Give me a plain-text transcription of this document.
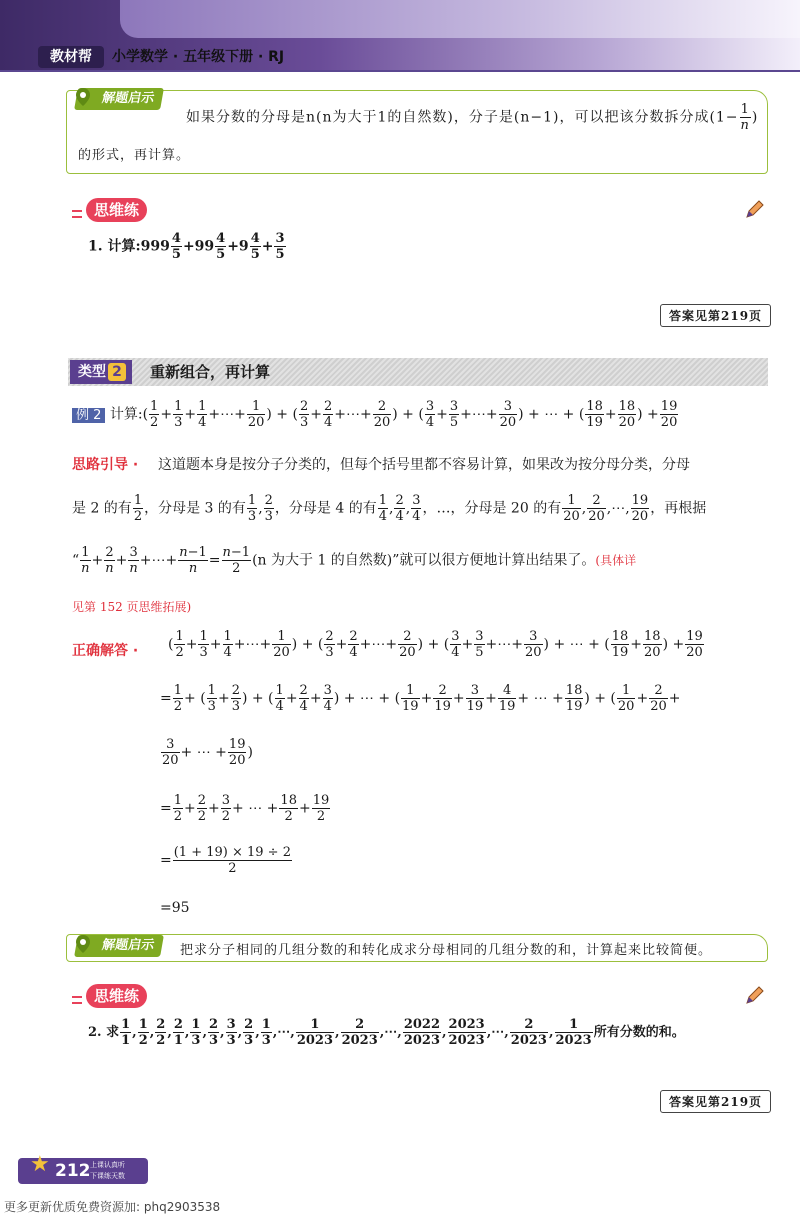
教材帮	小学数学 · 五年级下册 · RJ
解题启示
如果分数的分母是n(n为大于1的自然数)，分子是(n−1)，可以把该分数拆分成($1- \frac{1}{n}$ )
的形式，再计算。
思维练
1. 计算:999 $\frac{4}{5} +99 \frac{4}{5} +9 \frac{4}{5} + \frac{3}{5}$
答案见第219页
类型 2	重新组合，再计算
例 2 计算:( $\frac{1}{2} + \frac{1}{3} + \frac{1}{4}$ +⋯+ $\frac{1}{20}$ ) + ( $\frac{2}{3} + \frac{2}{4}$ +⋯+ $\frac{2}{20}$ ) + ( $\frac{3}{4} + \frac{3}{5}$ +⋯+ $\frac{3}{20}$ ) + ⋯ + ( $\frac{18}{19} + \frac{18}{20}$ ) + $\frac{19}{20}$
思路引导 · 这道题本身是按分子分类的，但每个括号里都不容易计算，如果改为按分母分类，分母
是 2 的有 $\frac{1}{2}$ ，分母是 3 的有 $\frac{1}{3}$ , $\frac{2}{3}$ ，分母是 4 的有 $\frac{1}{4}$ , $\frac{2}{4}$ , $\frac{3}{4}$ ，…，分母是 20 的有 $\frac{1}{20}$ , $\frac{2}{20}$ ,⋯, $\frac{19}{20}$ ，再根据
“ $\frac{1}{n} + \frac{2}{n} + \frac{3}{n}$ +⋯+ $\frac{n-1}{n} = \frac{n-1}{2} (n$ 为大于 1 的自然数)”就可以很方便地计算出结果了。(具体详
见第 152 页思维拓展)
正确解答 · ( $\frac{1}{2} + \frac{1}{3} + \frac{1}{4}$ +⋯+ $\frac{1}{20}$ ) + ( $\frac{2}{3} + \frac{2}{4}$ +⋯+ $\frac{2}{20}$ ) + ( $\frac{3}{4} + \frac{3}{5}$ +⋯+ $\frac{3}{20}$ ) + ⋯ + ( $\frac{18}{19} + \frac{18}{20}$ ) + $\frac{19}{20}$
= $\frac{1}{2}$ + ( $\frac{1}{3} + \frac{2}{3}$ ) + ( $\frac{1}{4} + \frac{2}{4} + \frac{3}{4}$ ) + ⋯ + ( $\frac{1}{19} + \frac{2}{19} + \frac{3}{19} + \frac{4}{19}$ + ⋯ + $\frac{18}{19}$ ) + ( $\frac{1}{20} + \frac{2}{20}$ +
$\frac{3}{20}$ + ⋯ + $\frac{19}{20}$ )
= $\frac{1}{2} + \frac{2}{2} + \frac{3}{2}$ + ⋯ + $\frac{18}{2} + \frac{19}{2}$
= $\frac{(1 + 19) \times 19 \div 2}{2}$
=95
解题启示	把求分子相同的几组分数的和转化成求分母相同的几组分数的和，计算起来比较简便。
思维练
2. 求 $\frac{1}{1}$ , $\frac{1}{2}$ , $\frac{2}{2}$ , $\frac{2}{1}$ , $\frac{1}{3}$ , $\frac{2}{3}$ , $\frac{3}{3}$ , $\frac{2}{3}$ , $\frac{1}{3}$ ,⋯, $\frac{1}{2023}$ , $\frac{2}{2023}$ ,⋯, $\frac{2022}{2023}$ , $\frac{2023}{2023}$ ,⋯, $\frac{2}{2023}$ , $\frac{1}{2023}$ 所有分数的和。
答案见第219页
★ 212 上课认真听
下课练天数
更多更新优质免费资源加: phq2903538
